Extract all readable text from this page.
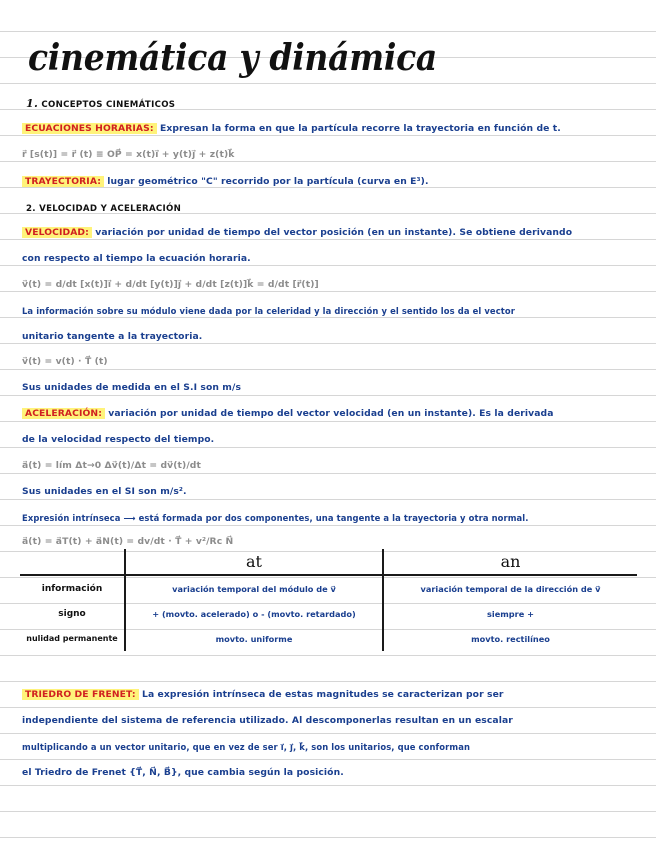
cinemática y dinámica
1. CONCEPTOS CINEMÁTICOS
ECUACIONES HORARIAS: Expresan la forma en que la partícula recorre la trayectoria en función de t.
r⃗ [s(t)] = r⃗ (t) ≡ OP⃗ = x(t)i⃗ + y(t)j⃗ + z(t)k⃗
TRAYECTORIA: lugar geométrico "C" recorrido por la partícula (curva en E³).
2. VELOCIDAD Y ACELERACIÓN
VELOCIDAD: variación por unidad de tiempo del vector posición (en un instante). Se obtiene derivando
con respecto al tiempo la ecuación horaria.
v⃗(t) = d/dt [x(t)]i⃗ + d/dt [y(t)]j⃗ + d/dt [z(t)]k⃗ = d/dt [r⃗(t)]
La información sobre su módulo viene dada por la celeridad y la dirección y el sentido los da el vector
unitario tangente a la trayectoria.
v⃗(t) = v(t) · T⃗ (t)
Sus unidades de medida en el S.I son m/s
ACELERACIÓN: variación por unidad de tiempo del vector velocidad (en un instante). Es la derivada
de la velocidad respecto del tiempo.
a⃗(t) = lím Δt→0 Δv⃗(t)/Δt = dv⃗(t)/dt
Sus unidades en el SI son m/s².
Expresión intrínseca ⟶ está formada por dos componentes, una tangente a la trayectoria y otra normal.
a⃗(t) = a⃗T(t) + a⃗N(t) = dv/dt · T⃗ + v²/Rc N⃗
	at	an
información	variación temporal del módulo de v⃗	variación temporal de la dirección de v⃗
signo	+ (movto. acelerado) o - (movto. retardado)	siempre +
nulidad permanente	movto. uniforme	movto. rectilíneo
TRIEDRO DE FRENET: La expresión intrínseca de estas magnitudes se caracterizan por ser
independiente del sistema de referencia utilizado. Al descomponerlas resultan en un escalar
multiplicando a un vector unitario, que en vez de ser i⃗, j⃗, k⃗, son los unitarios, que conforman
el Triedro de Frenet {T⃗, N⃗, B⃗}, que cambia según la posición.
